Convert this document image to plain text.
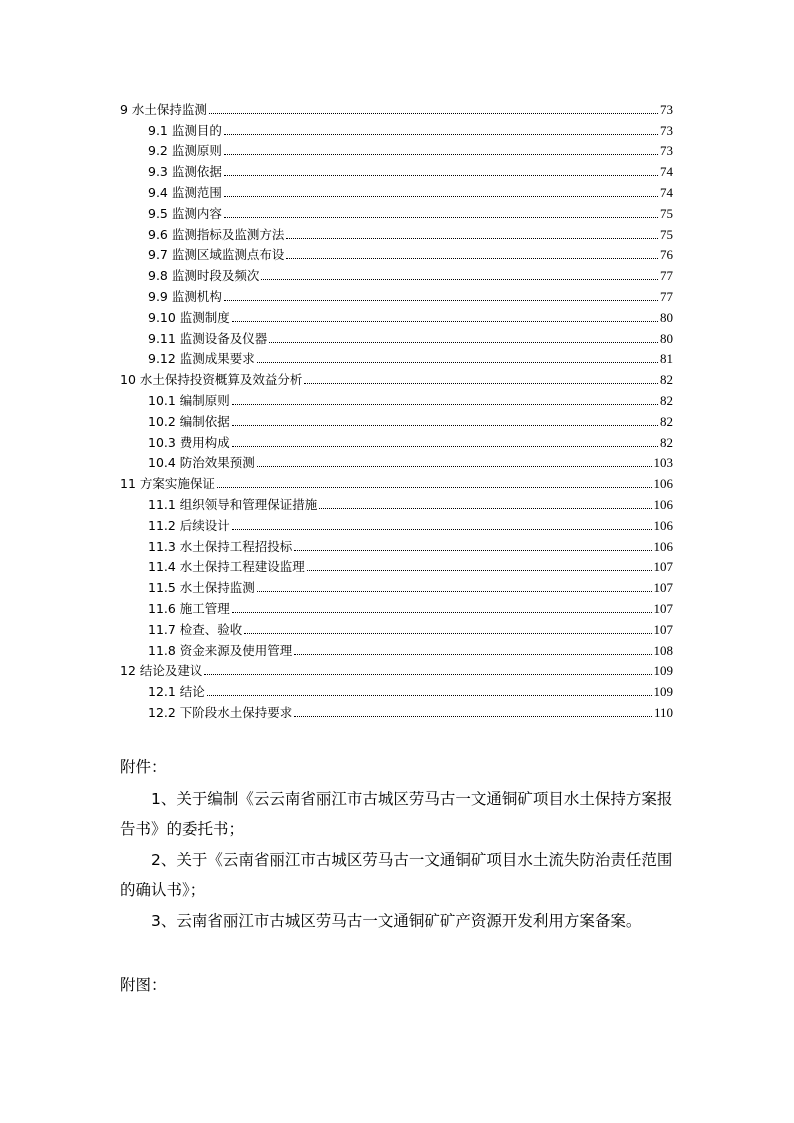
9 水土保持监测	73
9.1 监测目的	73
9.2 监测原则	73
9.3 监测依据	74
9.4 监测范围	74
9.5 监测内容	75
9.6 监测指标及监测方法	75
9.7 监测区域监测点布设	76
9.8 监测时段及频次	77
9.9 监测机构	77
9.10 监测制度	80
9.11 监测设备及仪器	80
9.12 监测成果要求	81
10 水土保持投资概算及效益分析	82
10.1 编制原则	82
10.2 编制依据	82
10.3 费用构成	82
10.4 防治效果预测	103
11 方案实施保证	106
11.1 组织领导和管理保证措施	106
11.2 后续设计	106
11.3 水土保持工程招投标	106
11.4 水土保持工程建设监理	107
11.5 水土保持监测	107
11.6 施工管理	107
11.7 检查、验收	107
11.8 资金来源及使用管理	108
12 结论及建议	109
12.1 结论	109
12.2 下阶段水土保持要求	110

附件：

1、关于编制《云云南省丽江市古城区劳马古一文通铜矿项目水土保持方案报告书》的委托书；

2、关于《云南省丽江市古城区劳马古一文通铜矿项目水土流失防治责任范围的确认书》；

3、云南省丽江市古城区劳马古一文通铜矿矿产资源开发利用方案备案。

附图：
